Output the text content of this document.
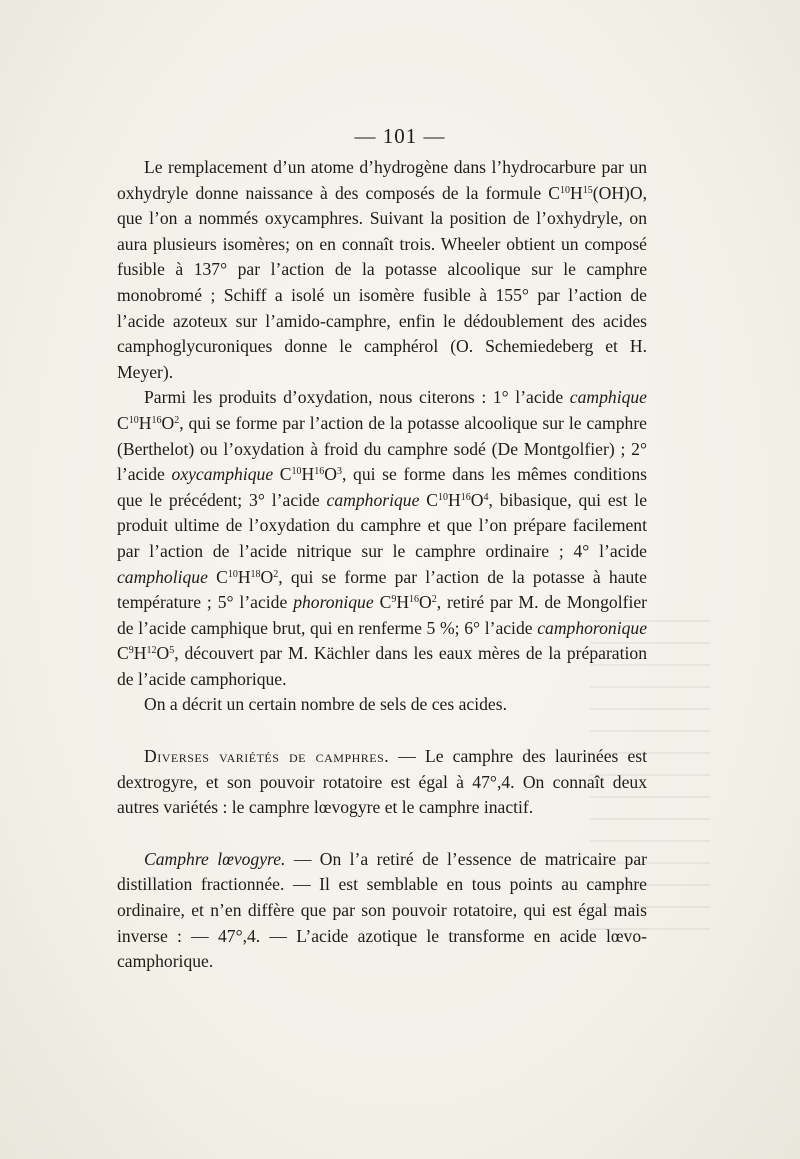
— 101 —

Le remplacement d’un atome d’hydrogène dans l’hydrocarbure par un oxhydryle donne naissance à des composés de la formule $C^{10}H^{15}(OH)O$, que l’on a nommés oxycamphres. Suivant la position de l’oxhydryle, on aura plusieurs isomères; on en connaît trois. Wheeler obtient un composé fusible à 137° par l’action de la potasse alcoolique sur le camphre monobromé ; Schiff a isolé un isomère fusible à 155° par l’action de l’acide azoteux sur l’amido-camphre, enfin le dédoublement des acides camphoglycuroniques donne le camphérol (O. Schemiedeberg et H. Meyer).

Parmi les produits d’oxydation, nous citerons : 1° l’acide camphique $C^{10}H^{16}O^2$, qui se forme par l’action de la potasse alcoolique sur le camphre (Berthelot) ou l’oxydation à froid du camphre sodé (De Montgolfier) ; 2° l’acide oxycamphique $C^{10}H^{16}O^3$, qui se forme dans les mêmes conditions que le précédent; 3° l’acide camphorique $C^{10}H^{16}O^4$, bibasique, qui est le produit ultime de l’oxydation du camphre et que l’on prépare facilement par l’action de l’acide nitrique sur le camphre ordinaire ; 4° l’acide campholique $C^{10}H^{18}O^2$, qui se forme par l’action de la potasse à haute température ; 5° l’acide phoronique $C^9H^{16}O^2$, retiré par M. de Mongolfier de l’acide camphique brut, qui en renferme 5 %; 6° l’acide camphoronique $C^9H^{12}O^5$, découvert par M. Kächler dans les eaux mères de la préparation de l’acide camphorique.

On a décrit un certain nombre de sels de ces acides.

Diverses variétés de camphres. — Le camphre des laurinées est dextrogyre, et son pouvoir rotatoire est égal à 47°,4. On connaît deux autres variétés : le camphre lœvogyre et le camphre inactif.

Camphre lœvogyre. — On l’a retiré de l’essence de matricaire par distillation fractionnée. — Il est semblable en tous points au camphre ordinaire, et n’en diffère que par son pouvoir rotatoire, qui est égal mais inverse : — 47°,4. — L’acide azotique le transforme en acide lœvo-camphorique.
